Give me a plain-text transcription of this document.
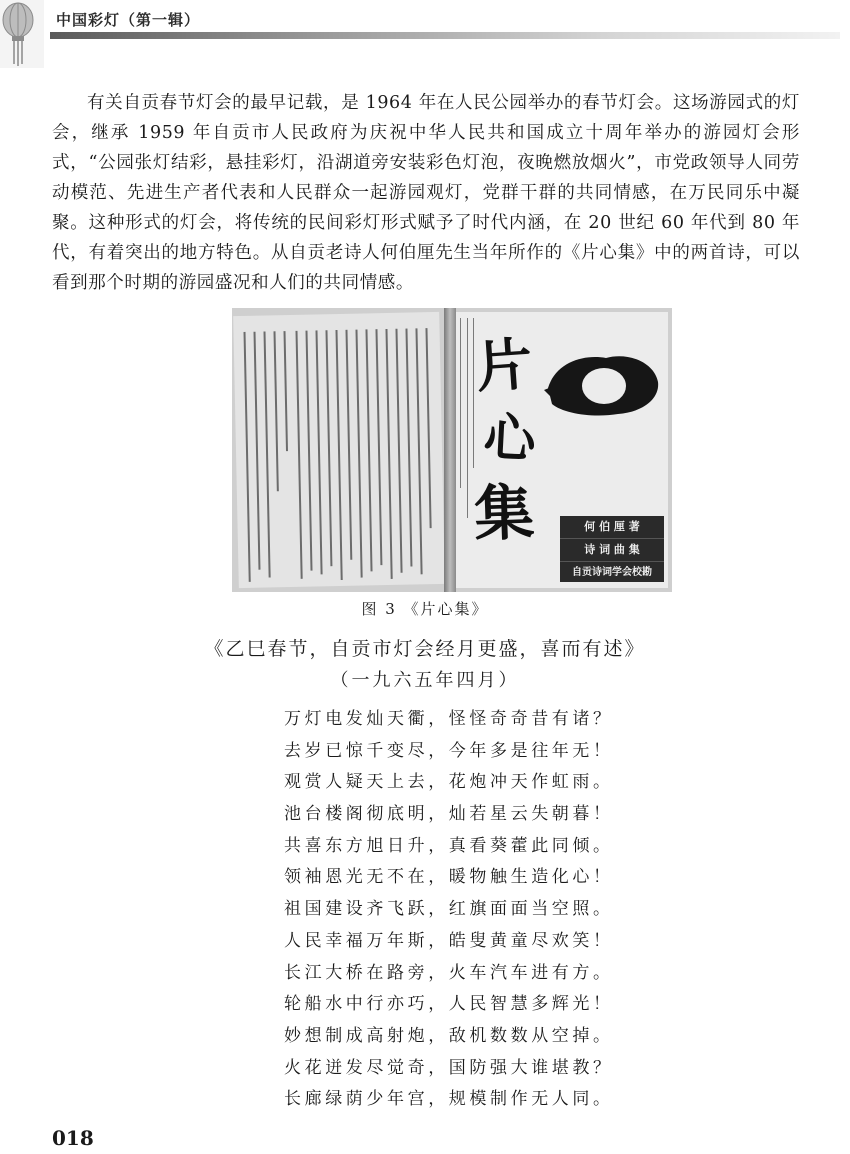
中国彩灯（第一辑）

有关自贡春节灯会的最早记载，是 1964 年在人民公园举办的春节灯会。这场游园式的灯会，继承 1959 年自贡市人民政府为庆祝中华人民共和国成立十周年举办的游园灯会形式，“公园张灯结彩，悬挂彩灯，沿湖道旁安装彩色灯泡，夜晚燃放烟火”，市党政领导人同劳动模范、先进生产者代表和人民群众一起游园观灯，党群干群的共同情感，在万民同乐中凝聚。这种形式的灯会，将传统的民间彩灯形式赋予了时代内涵，在 20 世纪 60 年代到 80 年代，有着突出的地方特色。从自贡老诗人何伯厘先生当年所作的《片心集》中的两首诗，可以看到那个时期的游园盛况和人们的共同情感。

片
心
集	何 伯 厘 著
诗 词 曲 集
自贡诗词学会校勘
图 3 《片心集》
《乙巳春节，自贡市灯会经月更盛，喜而有述》
（一九六五年四月）
万灯电发灿天衢，怪怪奇奇昔有诸？
去岁已惊千变尽，今年多是往年无！
观赏人疑天上去，花炮冲天作虹雨。
池台楼阁彻底明，灿若星云失朝暮！
共喜东方旭日升，真看葵藿此同倾。
领袖恩光无不在，暖物触生造化心！
祖国建设齐飞跃，红旗面面当空照。
人民幸福万年斯，皓叟黄童尽欢笑！
长江大桥在路旁，火车汽车进有方。
轮船水中行亦巧，人民智慧多辉光！
妙想制成高射炮，敌机数数从空掉。
火花迸发尽觉奇，国防强大谁堪教？
长廊绿荫少年宫，规模制作无人同。
018
